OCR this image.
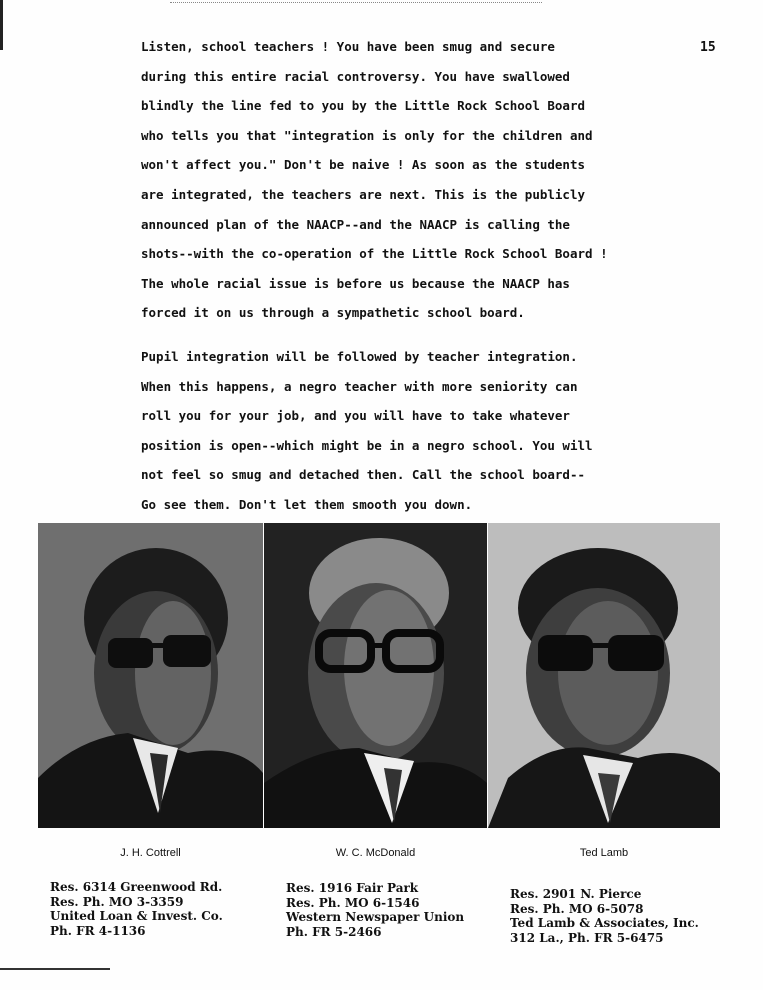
15
Listen, school teachers ! You have been smug and secure
during this entire racial controversy. You have swallowed
blindly the line fed to you by the Little Rock School Board
who tells you that "integration is only for the children and
won't affect you." Don't be naive ! As soon as the students
are integrated, the teachers are next. This is the publicly
announced plan of the NAACP--and the NAACP is calling the
shots--with the co-operation of the Little Rock School Board !
The whole racial issue is before us because the NAACP has
forced it on us through a sympathetic school board.
Pupil integration will be followed by teacher integration.
When this happens, a negro teacher with more seniority can
roll you for your job, and you will have to take whatever
position is open--which might be in a negro school. You will
not feel so smug and detached then. Call the school board--
Go see them. Don't let them smooth you down.
J. H. Cottrell	W. C. McDonald	Ted Lamb
Res. 6314 Greenwood Rd.
Res. Ph. MO 3-3359
United Loan & Invest. Co.
Ph. FR 4-1136
Res. 1916 Fair Park
Res. Ph. MO 6-1546
Western Newspaper Union
Ph. FR 5-2466
Res. 2901 N. Pierce
Res. Ph. MO 6-5078
Ted Lamb & Associates, Inc.
312 La., Ph. FR 5-6475
